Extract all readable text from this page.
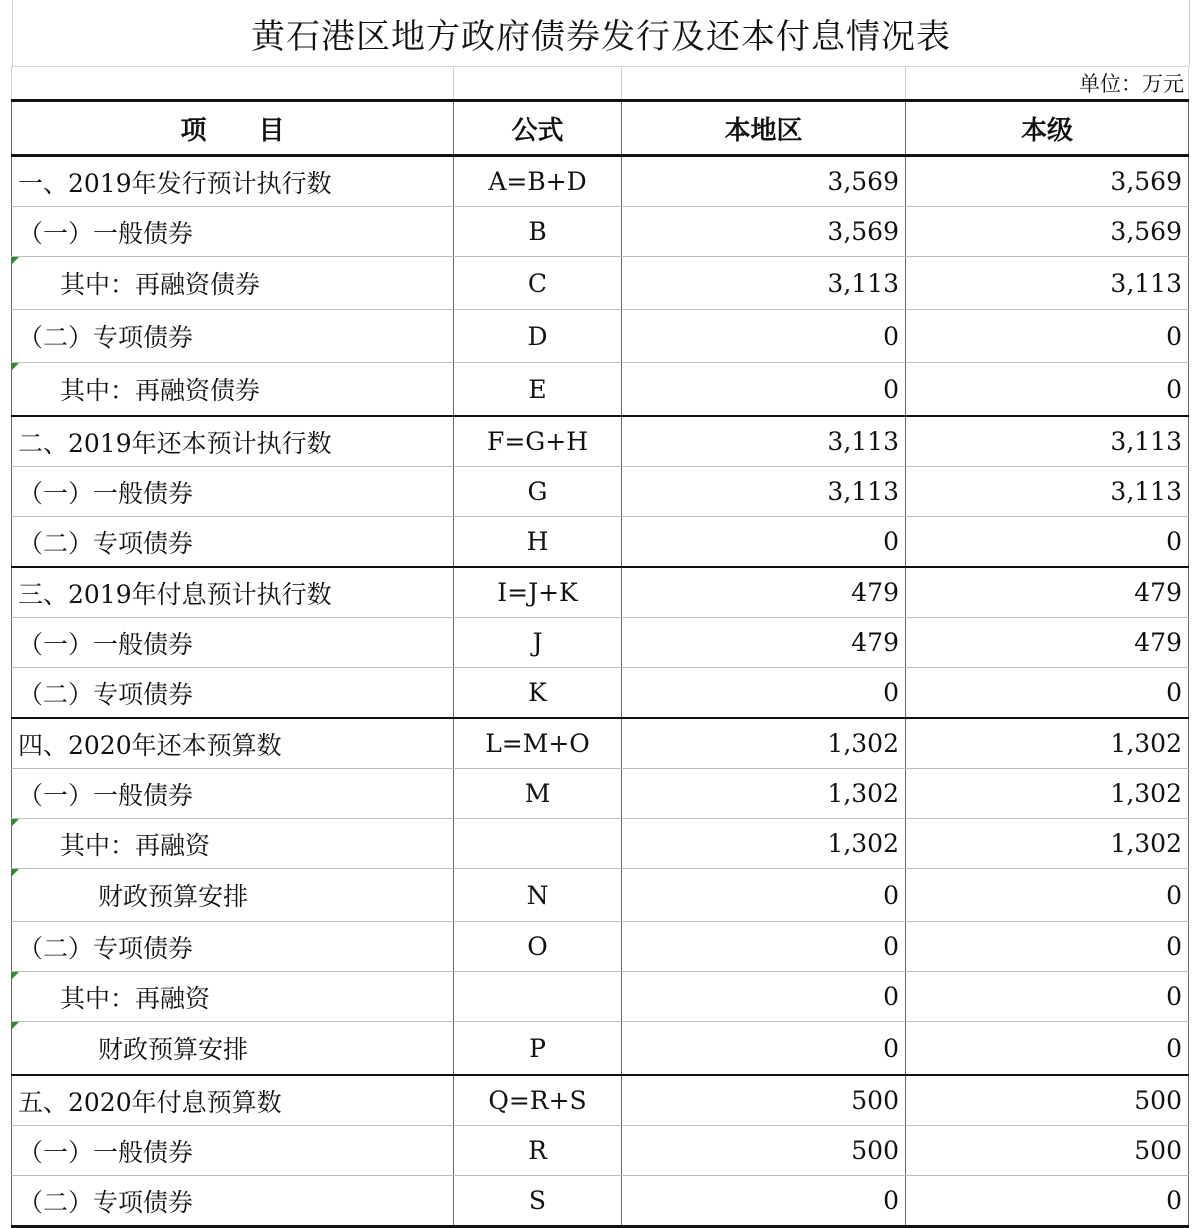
黄石港区地方政府债券发行及还本付息情况表
			单位：万元
项　　目	公式	本地区	本级
一、2019年发行预计执行数	A=B+D	3,569	3,569
（一）一般债券	B	3,569	3,569

其中：再融资债券	C	3,113	3,113
（二）专项债券	D	0	0

其中：再融资债券	E	0	0
二、2019年还本预计执行数	F=G+H	3,113	3,113
（一）一般债券	G	3,113	3,113
（二）专项债券	H	0	0
三、2019年付息预计执行数	I=J+K	479	479
（一）一般债券	J	479	479
（二）专项债券	K	0	0
四、2020年还本预算数	L=M+O	1,302	1,302
（一）一般债券	M	1,302	1,302

其中：再融资		1,302	1,302

财政预算安排	N	0	0
（二）专项债券	O	0	0

其中：再融资		0	0

财政预算安排	P	0	0
五、2020年付息预算数	Q=R+S	500	500
（一）一般债券	R	500	500
（二）专项债券	S	0	0
